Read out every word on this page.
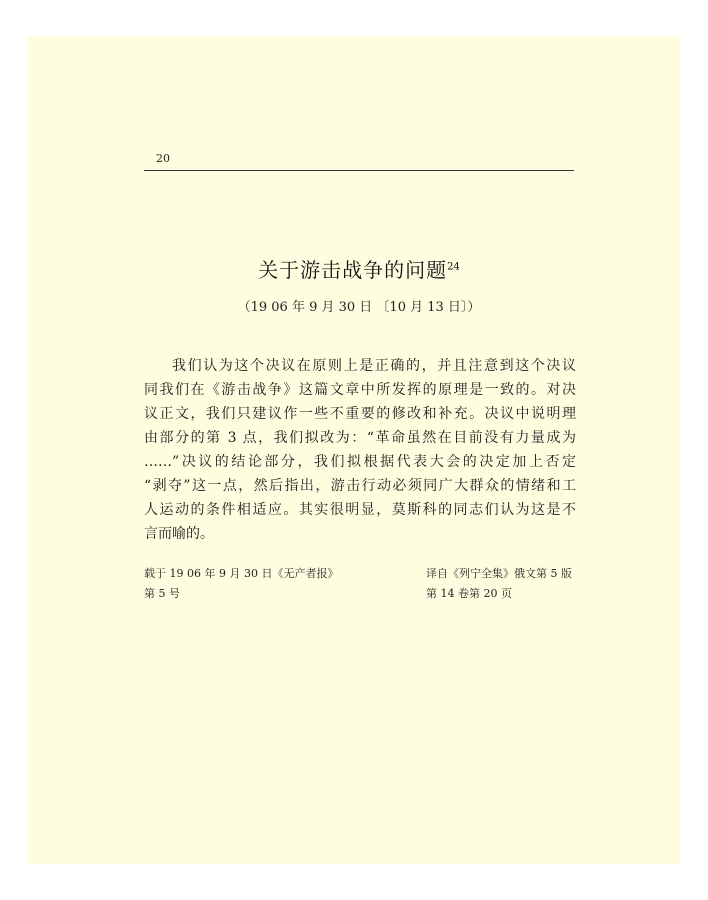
20
关于游击战争的问题$^{24}$
（19 06 年 9 月 30 日 〔10 月 13 日〕）
我们认为这个决议在原则上是正确的，并且注意到这个决议
同我们在《游击战争》这篇文章中所发挥的原理是一致的。对决
议正文，我们只建议作一些不重要的修改和补充。决议中说明理
由部分的第 3 点，我们拟改为：“革命虽然在目前没有力量成为
……”决议的结论部分，我们拟根据代表大会的决定加上否定
“剥夺”这一点，然后指出，游击行动必须同广大群众的情绪和工
人运动的条件相适应。其实很明显，莫斯科的同志们认为这是不
言而喻的。
载于 19 06 年 9 月 30 日《无产者报》
第 5 号
译自《列宁全集》俄文第 5 版
第 14 卷第 20 页
